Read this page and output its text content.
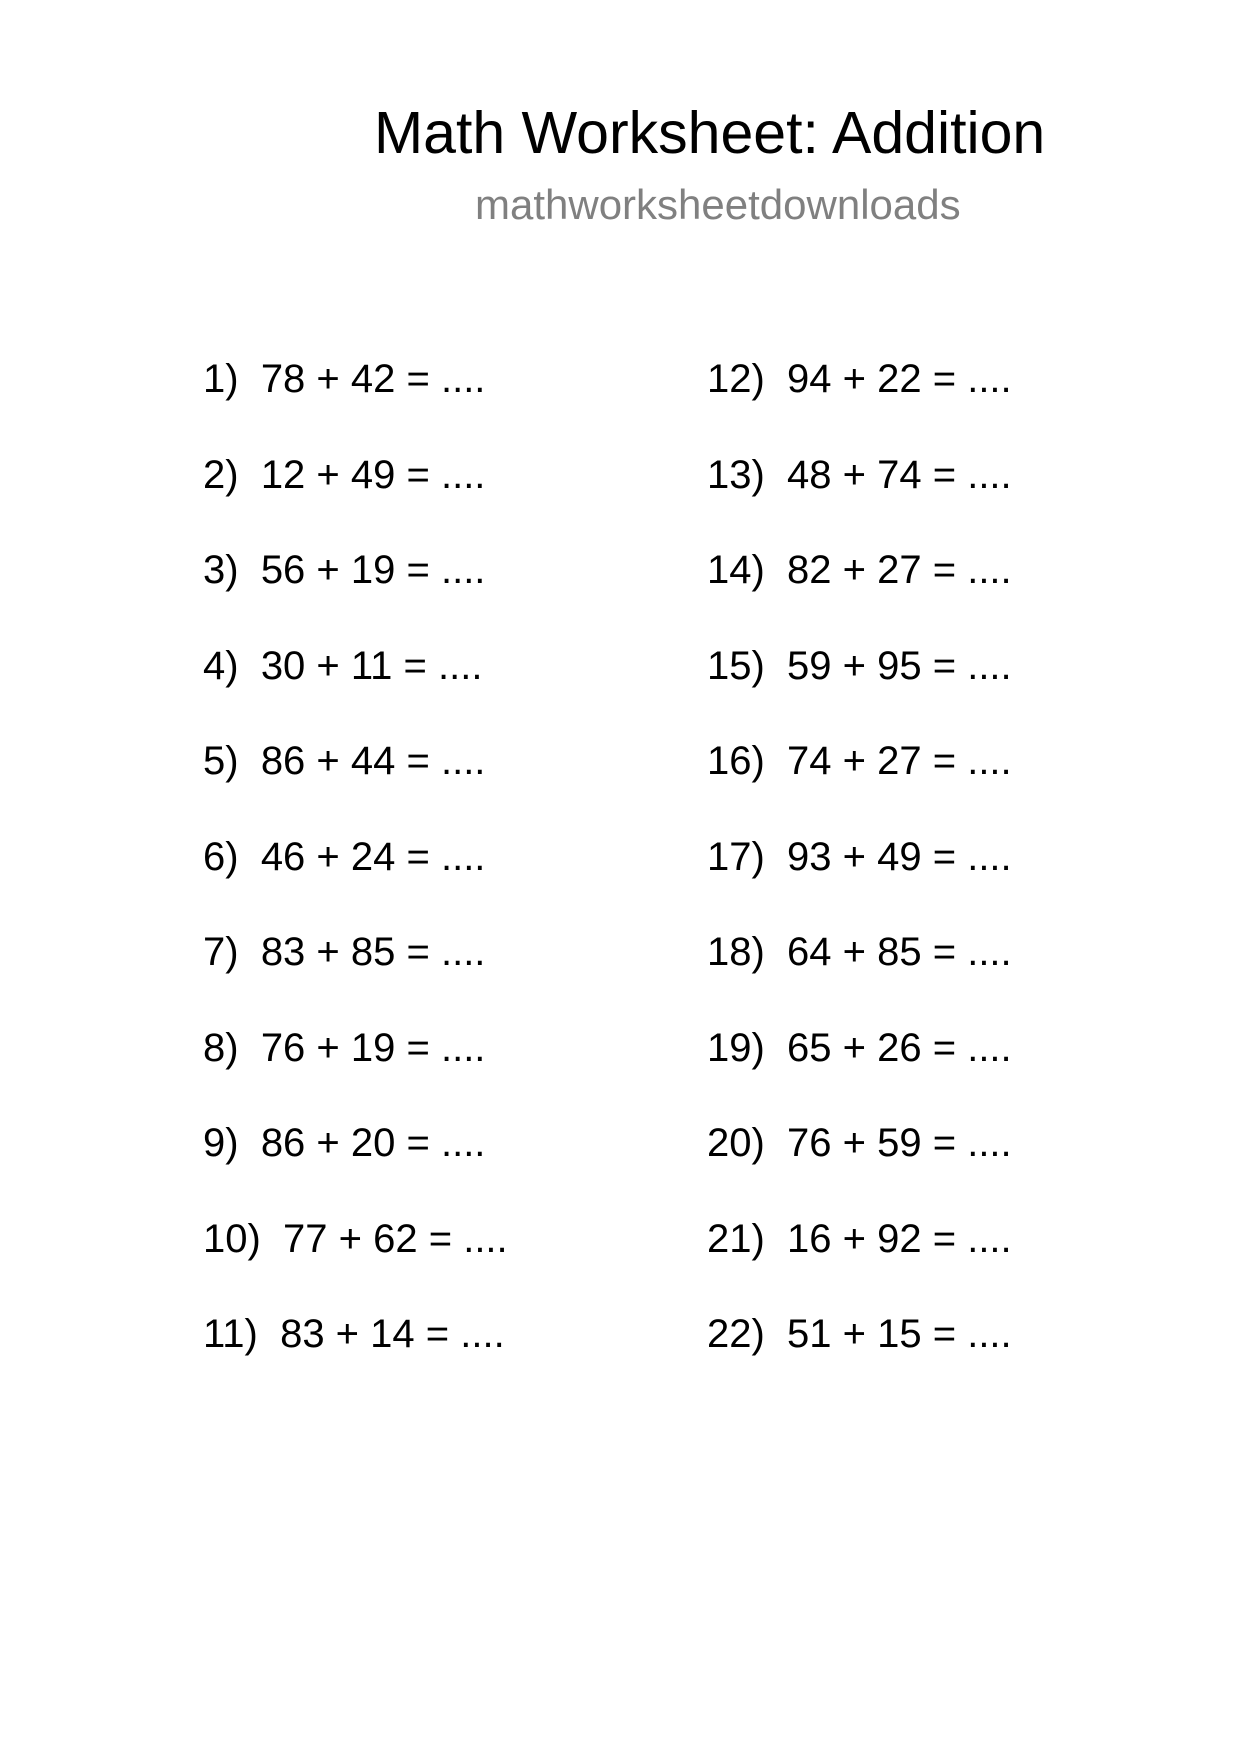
Math Worksheet: Addition
mathworksheetdownloads
1) 78 + 42 = ....
2) 12 + 49 = ....
3) 56 + 19 = ....
4) 30 + 11 = ....
5) 86 + 44 = ....
6) 46 + 24 = ....
7) 83 + 85 = ....
8) 76 + 19 = ....
9) 86 + 20 = ....
10) 77 + 62 = ....
11) 83 + 14 = ....
12) 94 + 22 = ....
13) 48 + 74 = ....
14) 82 + 27 = ....
15) 59 + 95 = ....
16) 74 + 27 = ....
17) 93 + 49 = ....
18) 64 + 85 = ....
19) 65 + 26 = ....
20) 76 + 59 = ....
21) 16 + 92 = ....
22) 51 + 15 = ....
